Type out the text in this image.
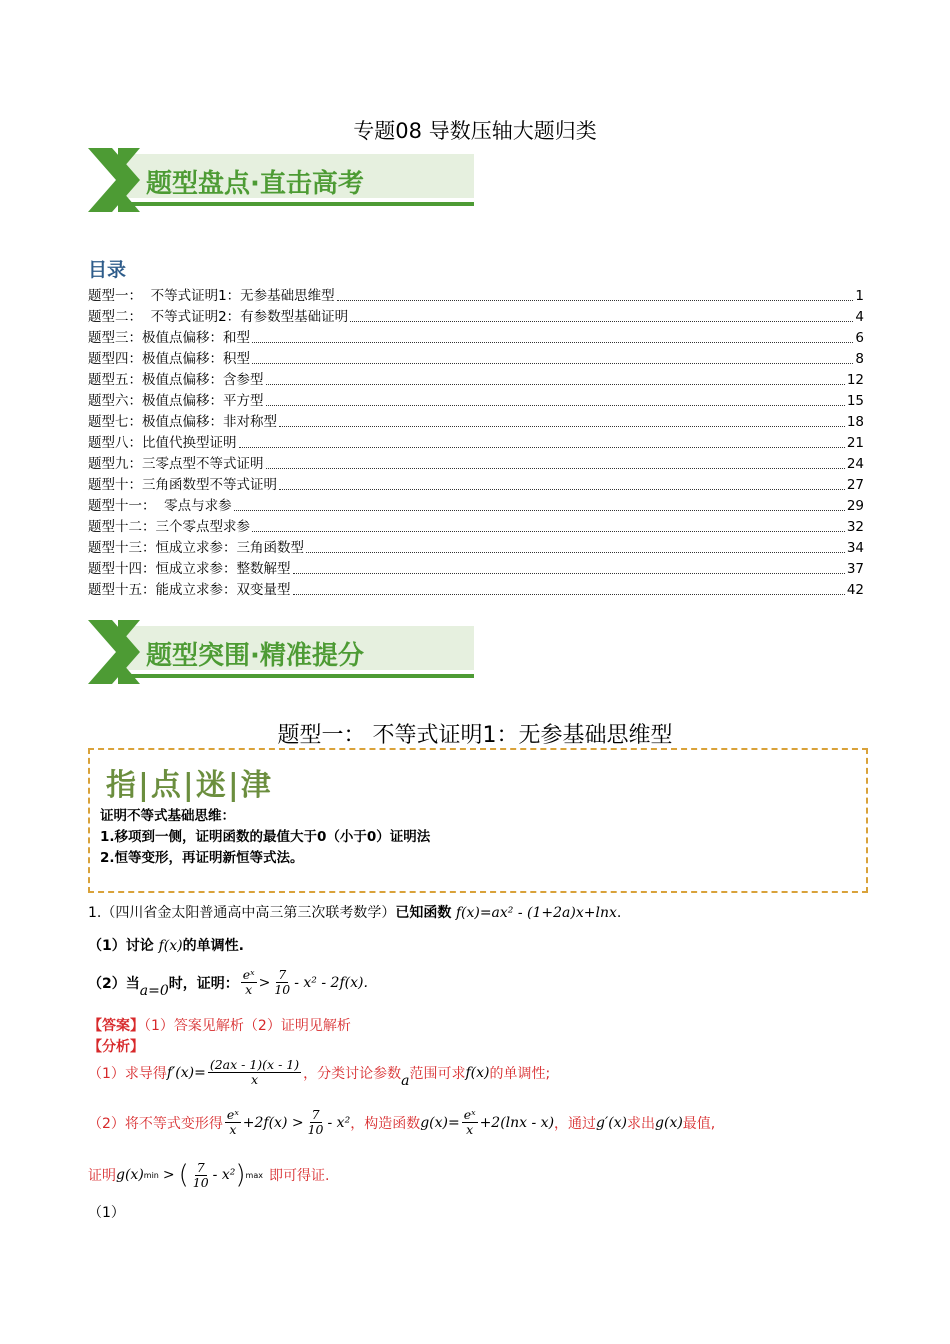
专题08 导数压轴大题归类
题型盘点·直击高考
目录
题型一：  不等式证明1：无参基础思维型	1
题型二：  不等式证明2：有参数型基础证明	4
题型三：极值点偏移：和型	6
题型四：极值点偏移：积型	8
题型五：极值点偏移：含参型	12
题型六：极值点偏移：平方型	15
题型七：极值点偏移：非对称型	18
题型八：比值代换型证明	21
题型九：三零点型不等式证明	24
题型十：三角函数型不等式证明	27
题型十一：  零点与求参	29
题型十二：三个零点型求参	32
题型十三：恒成立求参：三角函数型	34
题型十四：恒成立求参：整数解型	37
题型十五：能成立求参：双变量型	42
题型突围·精准提分
题型一： 不等式证明1：无参基础思维型
指|点|迷|津
证明不等式基础思维：
1.移项到一侧，证明函数的最值大于0（小于0）证明法
2.恒等变形，再证明新恒等式法。
1.（四川省金太阳普通高中高三第三次联考数学）已知函数 f(x)=ax² - (1+2a)x+lnx.
（1）讨论 f(x)的单调性.
（2）当 a=0 时，证明： $\frac{\text{eˣ}}{x} > \frac{7}{10} - x^2 - 2f(x)$.
【答案】（1）答案见解析（2）证明见解析
【分析】
（1）求导得 $f'(x)= \frac{(2ax - 1)(x - 1)}{x}$ ，分类讨论参数 a 范围可求 f(x) 的单调性;
（2）将不等式变形得 $\frac{\text{eˣ}}{x} +2f(x) > \frac{7}{10} - x^2$ ，构造函数 $g(x)= \frac{\text{eˣ}}{x} +2(\ln x - x)$ ，通过 g′(x) 求出 g(x) 最值,
证明 g(x) min > ( $\frac{7}{10} - x^2$ ) max 即可得证.
（1）
